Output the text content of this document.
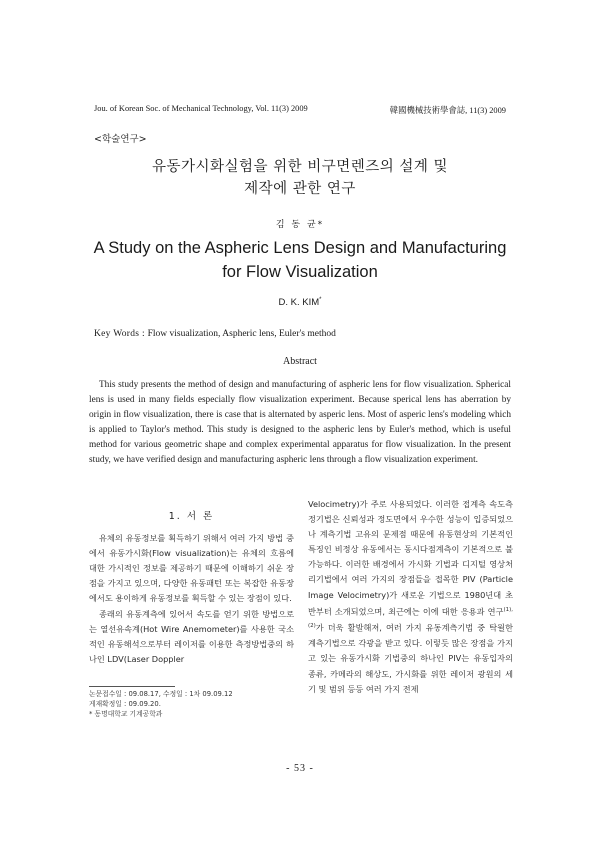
Jou. of Korean Soc. of Mechanical Technology, Vol. 11(3) 2009	韓國機械技術學會誌, 11(3) 2009
<학술연구>
유동가시화실험을 위한 비구면렌즈의 설계 및
제작에 관한 연구
김 동 균*
A Study on the Aspheric Lens Design and Manufacturing
for Flow Visualization
D. K. KIM*
Key Words : Flow visualization, Aspheric lens, Euler's method
Abstract
This study presents the method of design and manufacturing of aspheric lens for flow visualization. Spherical lens is used in many fields especially flow visualization experiment. Because sperical lens has aberration by origin in flow visualization, there is case that is alternated by asperic lens. Most of asperic lens's modeling which is applied to Taylor's method. This study is designed to the aspheric lens by Euler's method, which is useful method for various geometric shape and complex experimental apparatus for flow visualization. In the present study, we have verified design and manufacturing aspheric lens through a flow visualization experiment.
1. 서 론

유체의 유동정보를 획득하기 위해서 여러 가지 방법 중에서 유동가시화(Flow visualization)는 유체의 흐름에 대한 가시적인 정보를 제공하기 때문에 이해하기 쉬운 장점을 가지고 있으며, 다양한 유동패턴 또는 복잡한 유동장에서도 용이하게 유동정보를 획득할 수 있는 장점이 있다.

종래의 유동계측에 있어서 속도를 얻기 위한 방법으로는 열선유속계(Hot Wire Anemometer)를 사용한 국소적인 유동해석으로부터 레이저를 이용한 측정방법중의 하나인 LDV(Laser Doppler

Velocimetry)가 주로 사용되었다. 이러한 접계측 속도측정기법은 신뢰성과 정도면에서 우수한 성능이 입증되었으나 계측기법 고유의 문제점 때문에 유동현상의 기본적인 특징인 비정상 유동에서는 동시다점계측이 기본적으로 불가능하다. 이러한 배경에서 가시화 기법과 디지털 영상처리기법에서 여러 가지의 장점들을 접목한 PIV (Particle Image Velocimetry)가 새로운 기법으로 1980년대 초반부터 소개되었으며, 최근에는 이에 대한 응용과 연구$^{(1),(2)}$가 더욱 활발해져, 여러 가지 유동계측기법 중 탁월한 계측기법으로 각광을 받고 있다. 이렇듯 많은 장점을 가지고 있는 유동가시화 기법중의 하나인 PIV는 유동입자의 종류, 카메라의 해상도, 가시화를 위한 레이저 광원의 세기 및 범위 등등 여러 가지 전제

논문접수일 : 09.08.17, 수정일 : 1차 09.09.12
게재확정일 : 09.09.20.
* 동명대학교 기계공학과
- 53 -
